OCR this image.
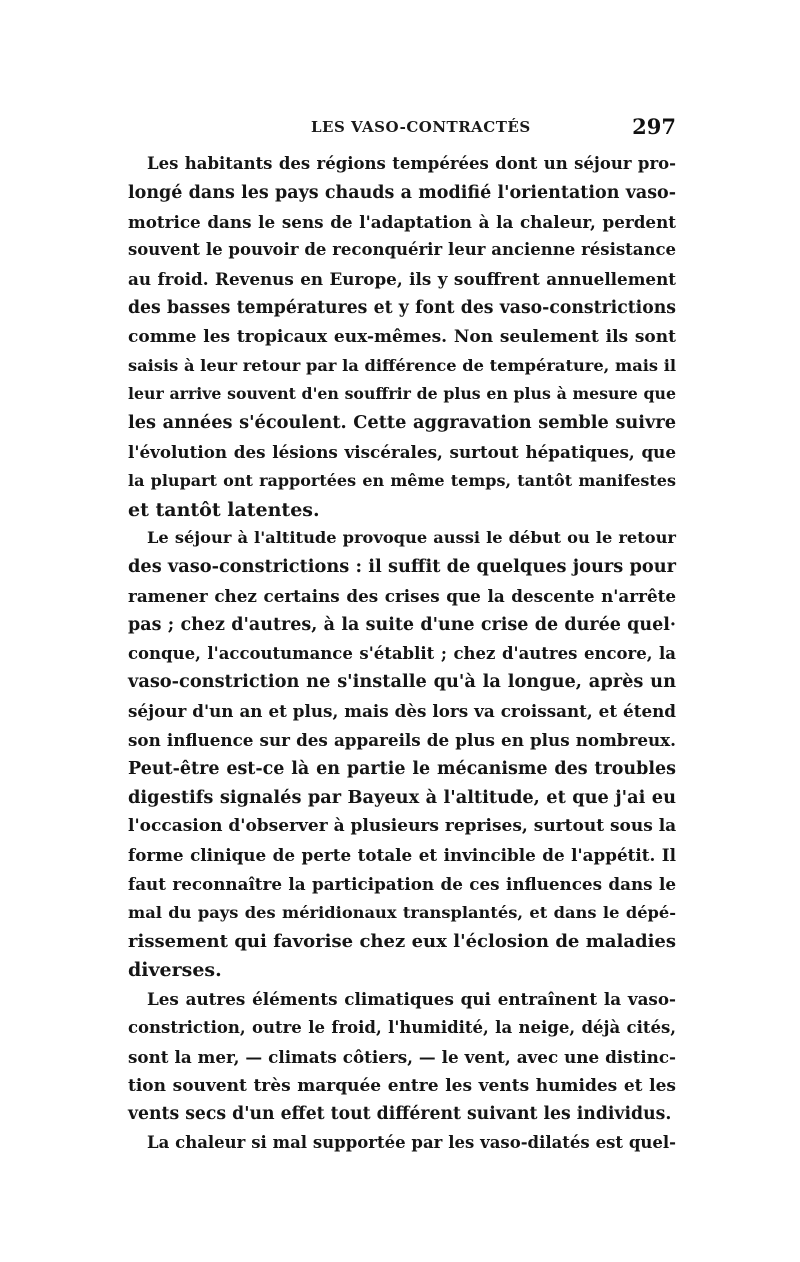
LES VASO-CONTRACTÉS	297
Les habitants des régions tempérées dont un séjour pro-
longé dans les pays chauds a modifié l'orientation vaso-
motrice dans le sens de l'adaptation à la chaleur, perdent
souvent le pouvoir de reconquérir leur ancienne résistance
au froid. Revenus en Europe, ils y souffrent annuellement
des basses températures et y font des vaso-constrictions
comme les tropicaux eux-mêmes. Non seulement ils sont
saisis à leur retour par la différence de température, mais il
leur arrive souvent d'en souffrir de plus en plus à mesure que
les années s'écoulent. Cette aggravation semble suivre
l'évolution des lésions viscérales, surtout hépatiques, que
la plupart ont rapportées en même temps, tantôt manifestes
et tantôt latentes.
Le séjour à l'altitude provoque aussi le début ou le retour
des vaso-constrictions : il suffit de quelques jours pour
ramener chez certains des crises que la descente n'arrête
pas ; chez d'autres, à la suite d'une crise de durée quel·
conque, l'accoutumance s'établit ; chez d'autres encore, la
vaso-constriction ne s'installe qu'à la longue, après un
séjour d'un an et plus, mais dès lors va croissant, et étend
son influence sur des appareils de plus en plus nombreux.
Peut-être est-ce là en partie le mécanisme des troubles
digestifs signalés par Bayeux à l'altitude, et que j'ai eu
l'occasion d'observer à plusieurs reprises, surtout sous la
forme clinique de perte totale et invincible de l'appétit. Il
faut reconnaître la participation de ces influences dans le
mal du pays des méridionaux transplantés, et dans le dépé-
rissement qui favorise chez eux l'éclosion de maladies
diverses.
Les autres éléments climatiques qui entraînent la vaso-
constriction, outre le froid, l'humidité, la neige, déjà cités,
sont la mer, — climats côtiers, — le vent, avec une distinc-
tion souvent très marquée entre les vents humides et les
vents secs d'un effet tout différent suivant les individus.
La chaleur si mal supportée par les vaso-dilatés est quel-
